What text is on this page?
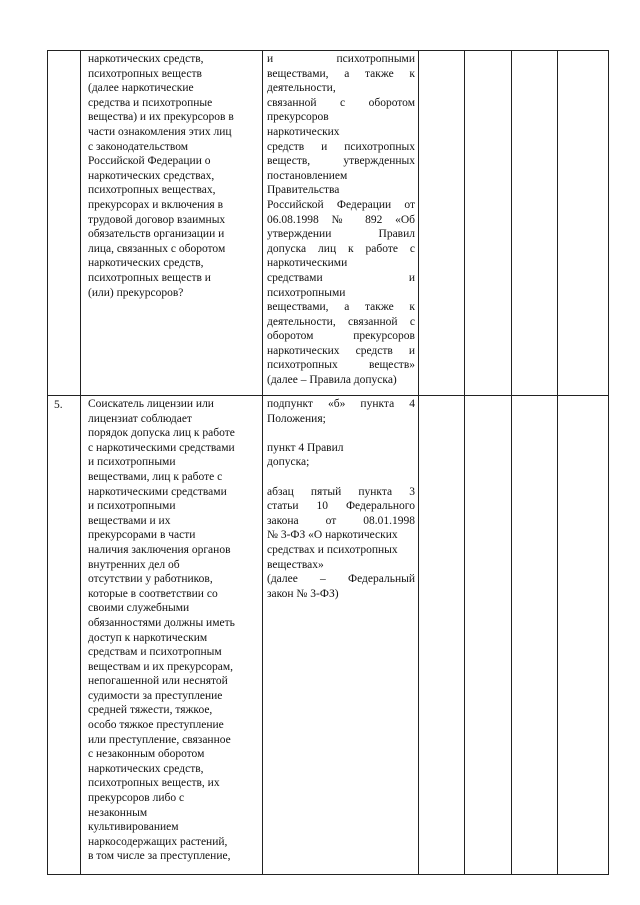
наркотических средств,
психотропных веществ
(далее наркотические
средства и психотропные
вещества) и их прекурсоров в
части ознакомления этих лиц
с законодательством
Российской Федерации о
наркотических средствах,
психотропных веществах,
прекурсорах и включения в
трудовой договор взаимных
обязательств организации и
лица, связанных с оборотом
наркотических средств,
психотропных веществ и
(или) прекурсоров?
и психотропными
веществами, а также к
деятельности,
связанной с оборотом
прекурсоров
наркотических
средств и психотропных
веществ, утвержденных
постановлением
Правительства
Российской Федерации от
06.08.1998 № 892 «Об
утверждении Правил
допуска лиц к работе с
наркотическими
средствами и
психотропными
веществами, а также к
деятельности, связанной с
оборотом прекурсоров
наркотических средств и
психотропных веществ»
(далее – Правила допуска)
5. Соискатель лицензии или
лицензиат соблюдает
порядок допуска лиц к работе
с наркотическими средствами
и психотропными
веществами, лиц к работе с
наркотическими средствами
и психотропными
веществами и их
прекурсорами в части
наличия заключения органов
внутренних дел об
отсутствии у работников,
которые в соответствии со
своими служебными
обязанностями должны иметь
доступ к наркотическим
средствам и психотропным
веществам и их прекурсорам,
непогашенной или неснятой
судимости за преступление
средней тяжести, тяжкое,
особо тяжкое преступление
или преступление, связанное
с незаконным оборотом
наркотических средств,
психотропных веществ, их
прекурсоров либо с
незаконным
культивированием
наркосодержащих растений,
в том числе за преступление,
подпункт «б» пункта 4
Положения;
пункт 4 Правил
допуска;
абзац пятый пункта 3
статьи 10 Федерального
закона от 08.01.1998
№ 3-ФЗ «О наркотических
средствах и психотропных
веществах»
(далее – Федеральный
закон № 3-ФЗ)
